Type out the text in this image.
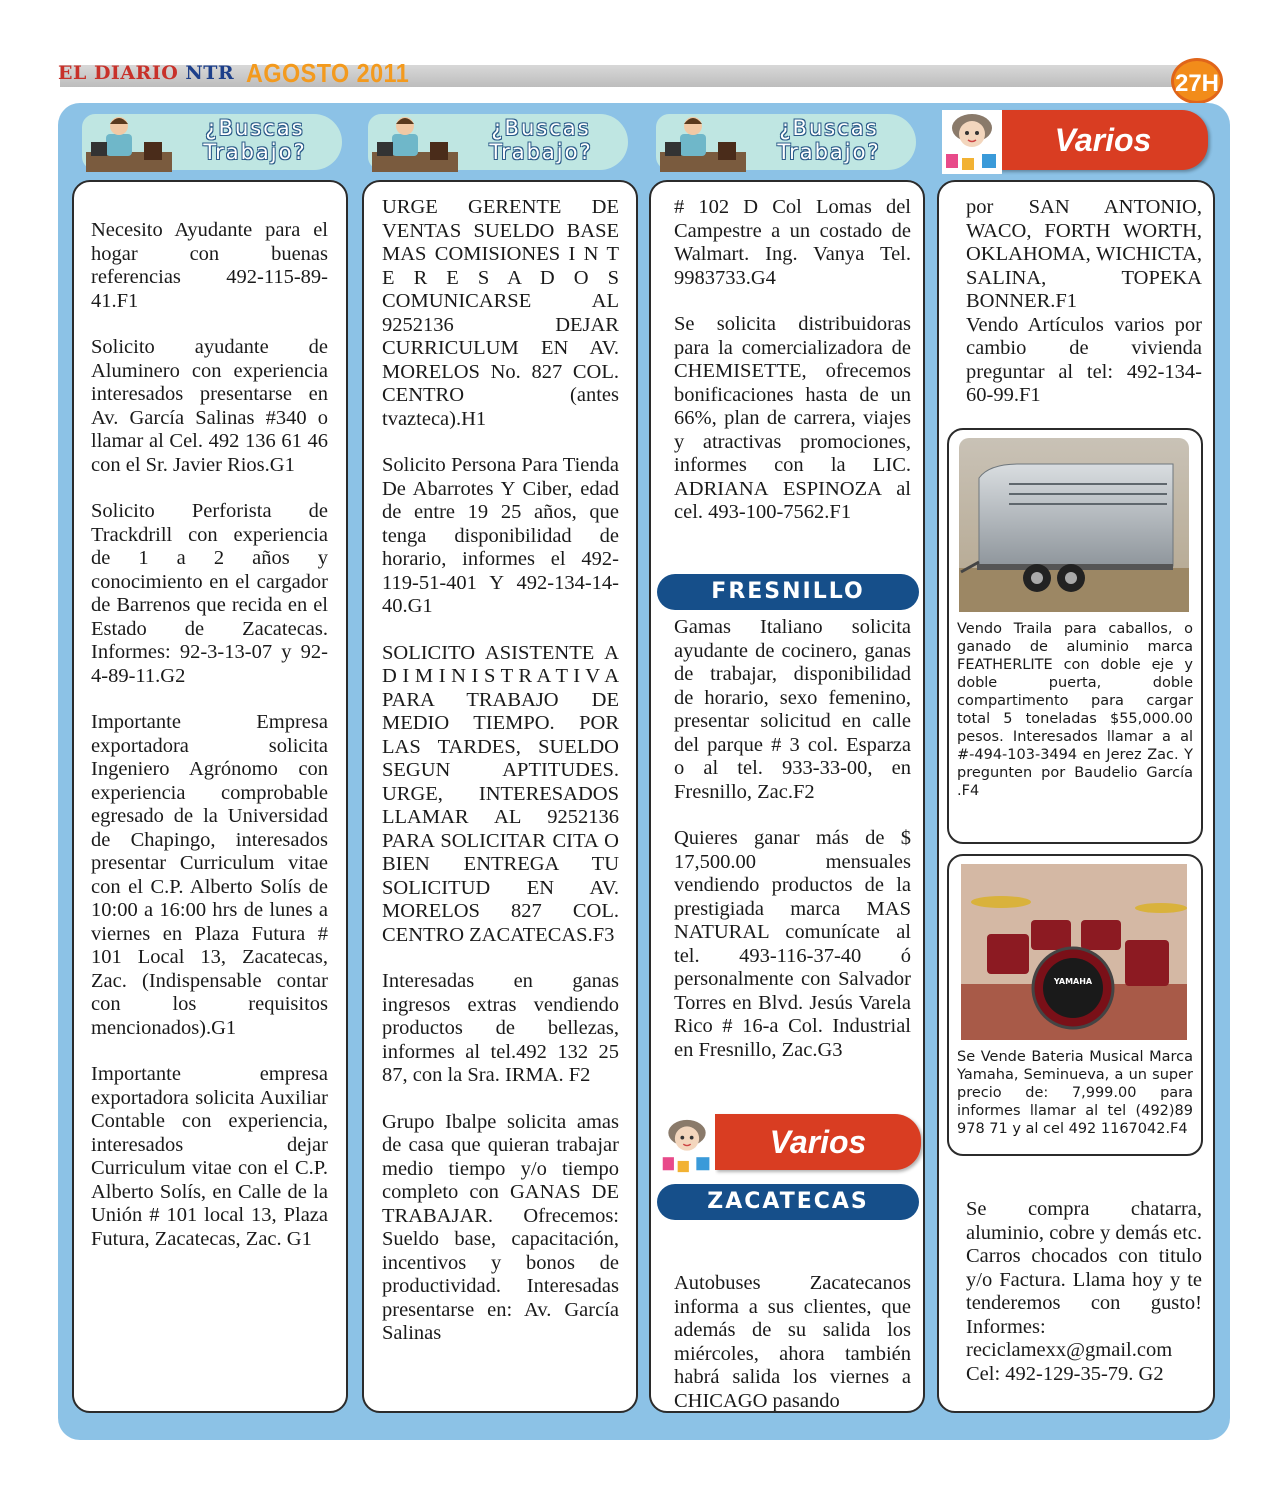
EL DIARIO NTR AGOSTO 2011	27H
¿Buscas
Trabajo?
¿Buscas
Trabajo?
¿Buscas
Trabajo?	Varios

Necesito Ayudante para el hogar con buenas referencias 492-115-89-41.F1

Solicito ayudante de Aluminero con experiencia interesados presentarse en Av. García Salinas #340 o llamar al Cel. 492 136 61 46 con el Sr. Javier Rios.G1

Solicito Perforista de Trackdrill con experiencia de 1 a 2 años y conocimiento en el cargador de Barrenos que recida en el Estado de Zacatecas. Informes: 92-3-13-07 y 92-4-89-11.G2

Importante Empresa exportadora solicita Ingeniero Agrónomo con experiencia comprobable egresado de la Universidad de Chapingo, interesados presentar Curriculum vitae con el C.P. Alberto Solís de 10:00 a 16:00 hrs de lunes a viernes en Plaza Futura # 101 Local 13, Zacatecas, Zac. (Indispensable contar con los requisitos mencionados).G1

Importante empresa exportadora solicita Auxiliar Contable con experiencia, interesados dejar Curriculum vitae con el C.P. Alberto Solís, en Calle de la Unión # 101 local 13, Plaza Futura, Zacatecas, Zac. G1

URGE GERENTE DE VENTAS SUELDO BASE MAS COMISIONES I N T E R E S A D O S COMUNICARSE AL 9252136 DEJAR CURRICULUM EN AV. MORELOS No. 827 COL. CENTRO (antes tvazteca).H1

Solicito Persona Para Tienda De Abarrotes Y Ciber, edad de entre 19 25 años, que tenga disponibilidad de horario, informes el 492-119-51-401 Y 492-134-14-40.G1

SOLICITO ASISTENTE A D I M I N I S T R A T I V A PARA TRABAJO DE MEDIO TIEMPO. POR LAS TARDES, SUELDO SEGUN APTITUDES. URGE, INTERESADOS LLAMAR AL 9252136 PARA SOLICITAR CITA O BIEN ENTREGA TU SOLICITUD EN AV. MORELOS 827 COL. CENTRO ZACATECAS.F3

Interesadas en ganas ingresos extras vendiendo productos de bellezas, informes al tel.492 132 25 87, con la Sra. IRMA. F2

Grupo Ibalpe solicita amas de casa que quieran trabajar medio tiempo y/o tiempo completo con GANAS DE TRABAJAR. Ofrecemos: Sueldo base, capacitación, incentivos y bonos de productividad. Interesadas presentarse en: Av. García Salinas

# 102 D Col Lomas del Campestre a un costado de Walmart. Ing. Vanya Tel. 9983733.G4

Se solicita distribuidoras para la comercializadora de CHEMISETTE, ofrecemos bonificaciones hasta de un 66%, plan de carrera, viajes y atractivas promociones, informes con la LIC. ADRIANA ESPINOZA al cel. 493-100-7562.F1

FRESNILLO

Gamas Italiano solicita ayudante de cocinero, ganas de trabajar, disponibilidad de horario, sexo femenino, presentar solicitud en calle del parque # 3 col. Esparza o al tel. 933-33-00, en Fresnillo, Zac.F2

Quieres ganar más de $ 17,500.00 mensuales vendiendo productos de la prestigiada marca MAS NATURAL comunícate al tel. 493-116-37-40 ó personalmente con Salvador Torres en Blvd. Jesús Varela Rico # 16-a Col. Industrial en Fresnillo, Zac.G3

Varios
ZACATECAS

Autobuses Zacatecanos informa a sus clientes, que además de su salida los miércoles, ahora también habrá salida los viernes a CHICAGO pasando

por SAN ANTONIO, WACO, FORTH WORTH, OKLAHOMA, WICHICTA, SALINA, TOPEKA BONNER.F1

Vendo Artículos varios por cambio de vivienda preguntar al tel: 492-134-60-99.F1

Vendo Traila para caballos, o ganado de aluminio marca FEATHERLITE con doble eje y doble puerta, doble compartimento para cargar total 5 toneladas $55,000.00 pesos. Interesados llamar a al #-494-103-3494 en Jerez Zac. Y pregunten por Baudelio García .F4
YAMAHA
Se Vende Bateria Musical Marca Yamaha, Seminueva, a un super precio de: 7,999.00 para informes llamar al tel (492)89 978 71 y al cel 492 1167042.F4

Se compra chatarra, aluminio, cobre y demás etc. Carros chocados con titulo y/o Factura. Llama hoy y te tenderemos con gusto! Informes: reciclamexx@gmail.com Cel: 492-129-35-79. G2
